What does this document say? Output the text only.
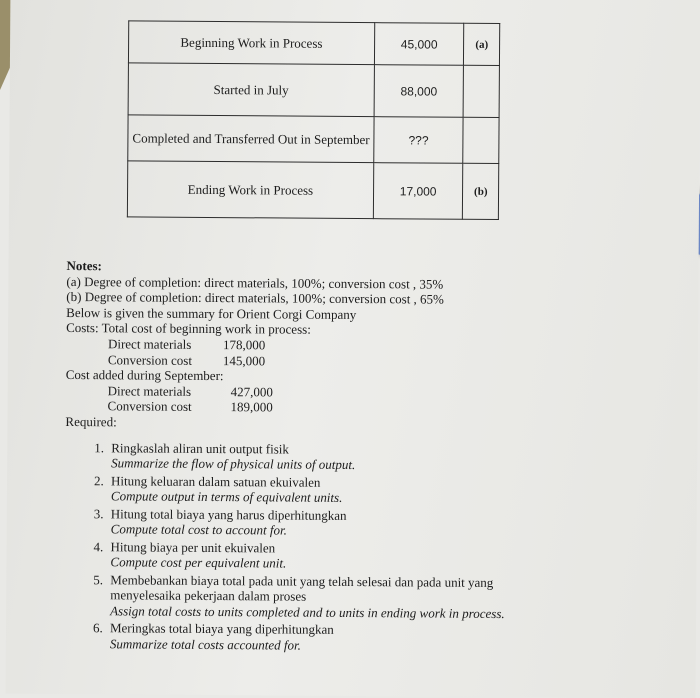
Beginning Work in Process	45,000	(a)
Started in July	88,000	
Completed and Transferred Out in September	???	
Ending Work in Process	17,000	(b)
Notes:
(a) Degree of completion: direct materials, 100%; conversion cost , 35%
(b) Degree of completion: direct materials, 100%; conversion cost , 65%
Below is given the summary for Orient Corgi Company
Costs: Total cost of beginning work in process:
Direct materials	178,000
Conversion cost	145,000
Cost added during September:
Direct materials	427,000
Conversion cost	189,000
Required:
1. Ringkaslah aliran unit output fisik
Summarize the flow of physical units of output.
2. Hitung keluaran dalam satuan ekuivalen
Compute output in terms of equivalent units.
3. Hitung total biaya yang harus diperhitungkan
Compute total cost to account for.
4. Hitung biaya per unit ekuivalen
Compute cost per equivalent unit.
5. Membebankan biaya total pada unit yang telah selesai dan pada unit yang menyelesaika pekerjaan dalam proses
Assign total costs to units completed and to units in ending work in process.
6. Meringkas total biaya yang diperhitungkan
Summarize total costs accounted for.
